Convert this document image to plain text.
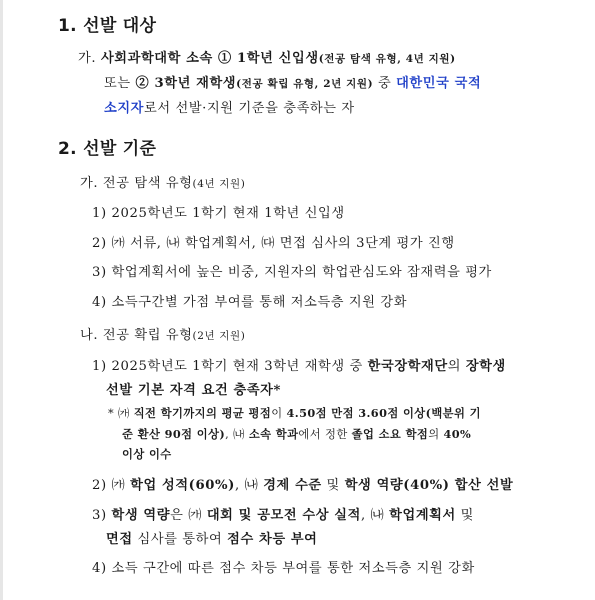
1. 선발 대상
가. 사회과학대학 소속 ① 1학년 신입생(전공 탐색 유형, 4년 지원)
또는 ② 3학년 재학생(전공 확립 유형, 2년 지원) 중 대한민국 국적
소지자로서 선발·지원 기준을 충족하는 자
2. 선발 기준
가. 전공 탐색 유형(4년 지원)
1) 2025학년도 1학기 현재 1학년 신입생
2) ㈎ 서류, ㈏ 학업계획서, ㈐ 면접 심사의 3단계 평가 진행
3) 학업계획서에 높은 비중, 지원자의 학업관심도와 잠재력을 평가
4) 소득구간별 가점 부여를 통해 저소득층 지원 강화
나. 전공 확립 유형(2년 지원)
1) 2025학년도 1학기 현재 3학년 재학생 중 한국장학재단의 장학생
선발 기본 자격 요건 충족자*
* ㈎ 직전 학기까지의 평균 평점이 4.50점 만점 3.60점 이상(백분위 기
준 환산 90점 이상), ㈏ 소속 학과에서 정한 졸업 소요 학점의 40%
이상 이수
2) ㈎ 학업 성적(60%), ㈏ 경제 수준 및 학생 역량(40%) 합산 선발
3) 학생 역량은 ㈎ 대회 및 공모전 수상 실적, ㈏ 학업계획서 및
면접 심사를 통하여 점수 차등 부여
4) 소득 구간에 따른 점수 차등 부여를 통한 저소득층 지원 강화
